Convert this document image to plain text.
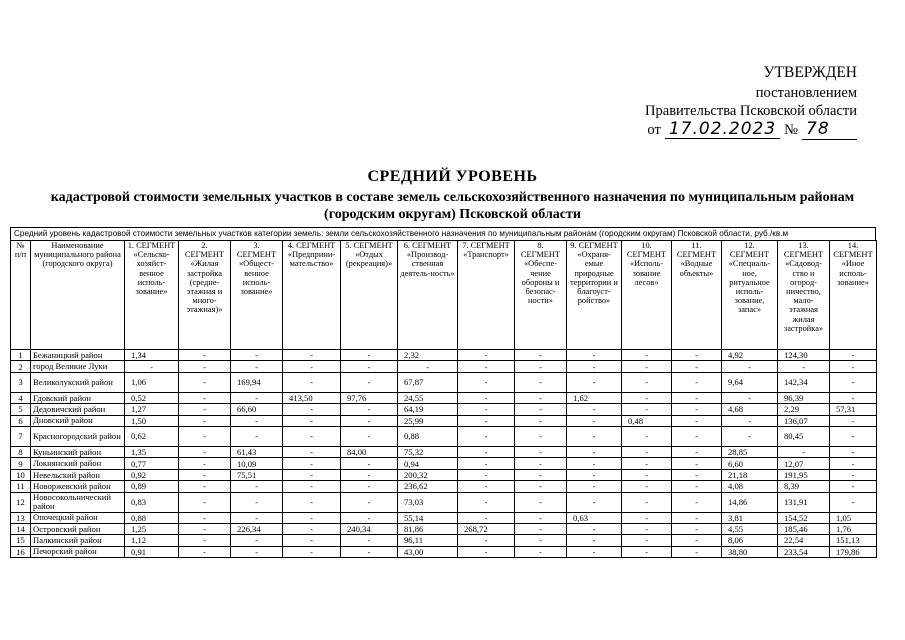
УТВЕРЖДЕН
постановлением
Правительства Псковской области
от 17.02.2023 № 78
СРЕДНИЙ УРОВЕНЬ
кадастровой стоимости земельных участков в составе земель сельскохозяйственного назначения по муниципальным районам (городским округам) Псковской области
Средний уровень кадастровой стоимости земельных участков категории земель: земли сельскохозяйственного назначения по муниципальным районам (городским округам) Псковской области, руб./кв.м
№ п/п	Наименование муниципального района (городского округа)	1. СЕГМЕНТ «Сельско-хозяйст-венное исполь-зование»	2. СЕГМЕНТ «Жилая застройка (средне-этажная и много-этажная)»	3. СЕГМЕНТ «Общест-венное исполь-зование»	4. СЕГМЕНТ «Предприни-мательство»	5. СЕГМЕНТ «Отдых (рекреация)»	6. СЕГМЕНТ «Производ-ственная деятель-ность»	7. СЕГМЕНТ «Транспорт»	8. СЕГМЕНТ «Обеспе-чение обороны и безопас-ности»	9. СЕГМЕНТ «Охраня-емые природные территории и благоуст-ройство»	10. СЕГМЕНТ «Исполь-зование лесов»	11. СЕГМЕНТ «Водные объекты»	12. СЕГМЕНТ «Специаль-ное, ритуальное исполь-зование, запас»	13. СЕГМЕНТ «Садовод-ство и огород-ничество, мало-этажная жилая застройка»	14. СЕГМЕНТ «Иное исполь-зование»
1	Бежаницкий район	1,34	-	-	-	-	2,32	-	-	-	-	-	4,92	124,30	-
2	город Великие Луки	-	-	-	-	-	-	-	-	-	-	-	-	-	-
3	Великолукский район	1,06	-	169,94	-	-	67,87	-	-	-	-	-	9,64	142,34	-
4	Гдовский район	0,52	-	-	413,50	97,76	24,55	-	-	1,62	-	-	-	96,39	-
5	Дедовичский район	1,27	-	66,60	-	-	64,19	-	-	-	-	-	4,68	2,29	57,31
6	Дновский район	1,50	-	-	-	-	25,99	-	-	-	0,48	-	-	136,07	-
7	Красногородский район	0,62	-	-	-	-	0,88	-	-	-	-	-	-	80,45	-
8	Куньинский район	1,35	-	61,43	-	84,00	75,32	-	-	-	-	-	28,85	-	-
9	Локнянский район	0,77	-	10,09	-	-	0,94	-	-	-	-	-	6,60	12,07	-
10	Невельский район	0,92	-	75,51	-	-	200,32	-	-	-	-	-	21,18	191,95	-
11	Новоржевский район	0,89	-	-	-	-	236,62	-	-	-	-	-	4,08	8,39	-
12	Новосокольнический район	0,83	-	-	-	-	73,03	-	-	-	-	-	14,86	131,91	-
13	Опочецкий район	0,88	-	-	-	-	55,14	-	-	0,63	-	-	3,81	154,52	1,05
14	Островский район	1,25	-	226,34	-	240,34	81,86	268,72	-	-	-	-	4,55	185,46	1,76
15	Палкинский район	1,12	-	-	-	-	96,11	-	-	-	-	-	8,06	22,54	151,13
16	Печорский район	0,91	-	-	-	-	43,00	-	-	-	-	-	38,80	233,54	179,86
